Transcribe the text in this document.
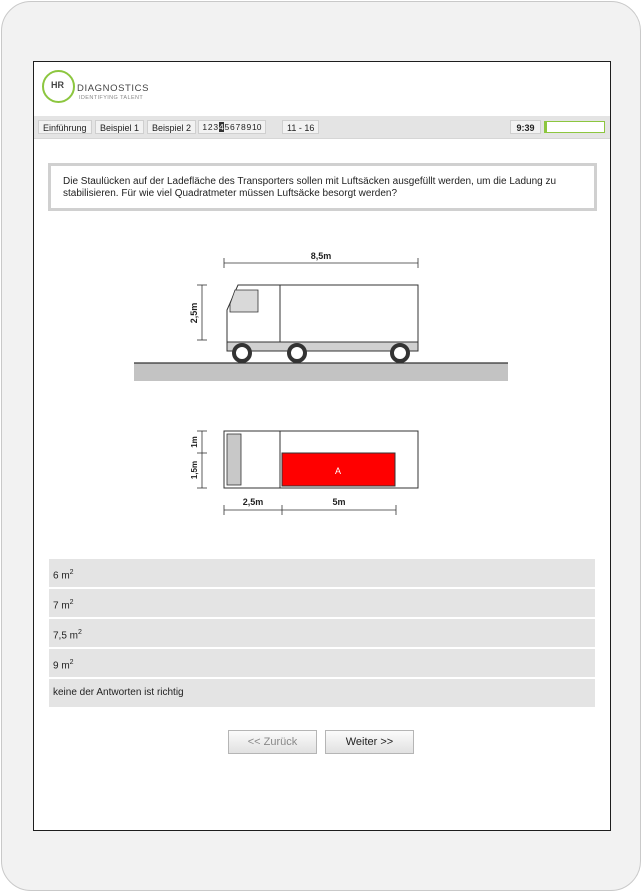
HR DIAGNOSTICS
IDENTIFYING TALENT
Einführung	Beispiel 1	Beispiel 2	1 2 3 4 5 6 7 8 9 10	11 - 16	9:39
Die Staulücken auf der Ladefläche des Transporters sollen mit Luftsäcken ausgefüllt werden, um die Ladung zu stabilisieren. Für wie viel Quadratmeter müssen Luftsäcke besorgt werden?
8,5m
2,5m
A
1m
1,5m
2,5m	5m
6 $m^2$
7 $m^2$
7,5 $m^2$
9 $m^2$
keine der Antworten ist richtig
<< Zurück	Weiter >>
